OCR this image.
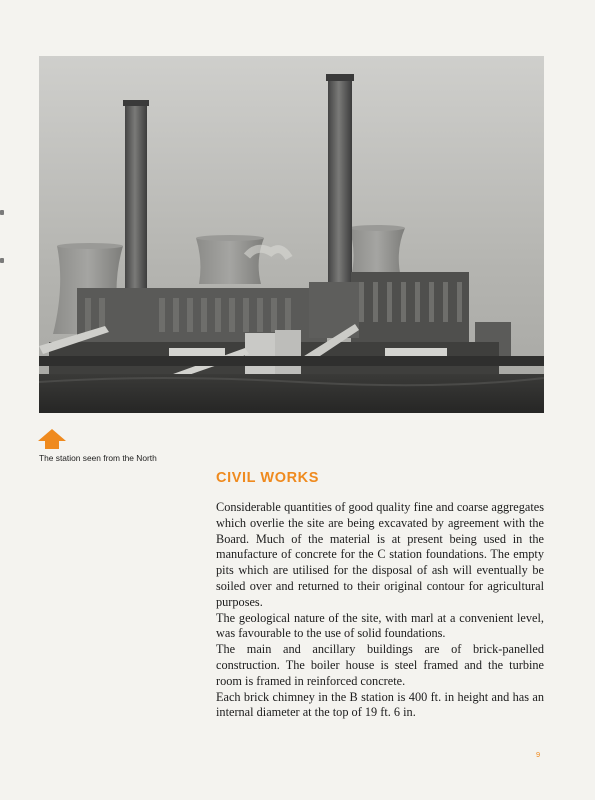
The station seen from the North
CIVIL WORKS

Considerable quantities of good quality fine and coarse aggregates which overlie the site are being excavated by agreement with the Board. Much of the material is at present being used in the manufacture of concrete for the C station foundations. The empty pits which are utilised for the disposal of ash will eventually be soiled over and returned to their original contour for agricultural purposes.

The geological nature of the site, with marl at a convenient level, was favourable to the use of solid foundations.

The main and ancillary buildings are of brick-panelled construction. The boiler house is steel framed and the turbine room is framed in reinforced concrete.

Each brick chimney in the B station is 400 ft. in height and has an internal diameter at the top of 19 ft. 6 in.

9
